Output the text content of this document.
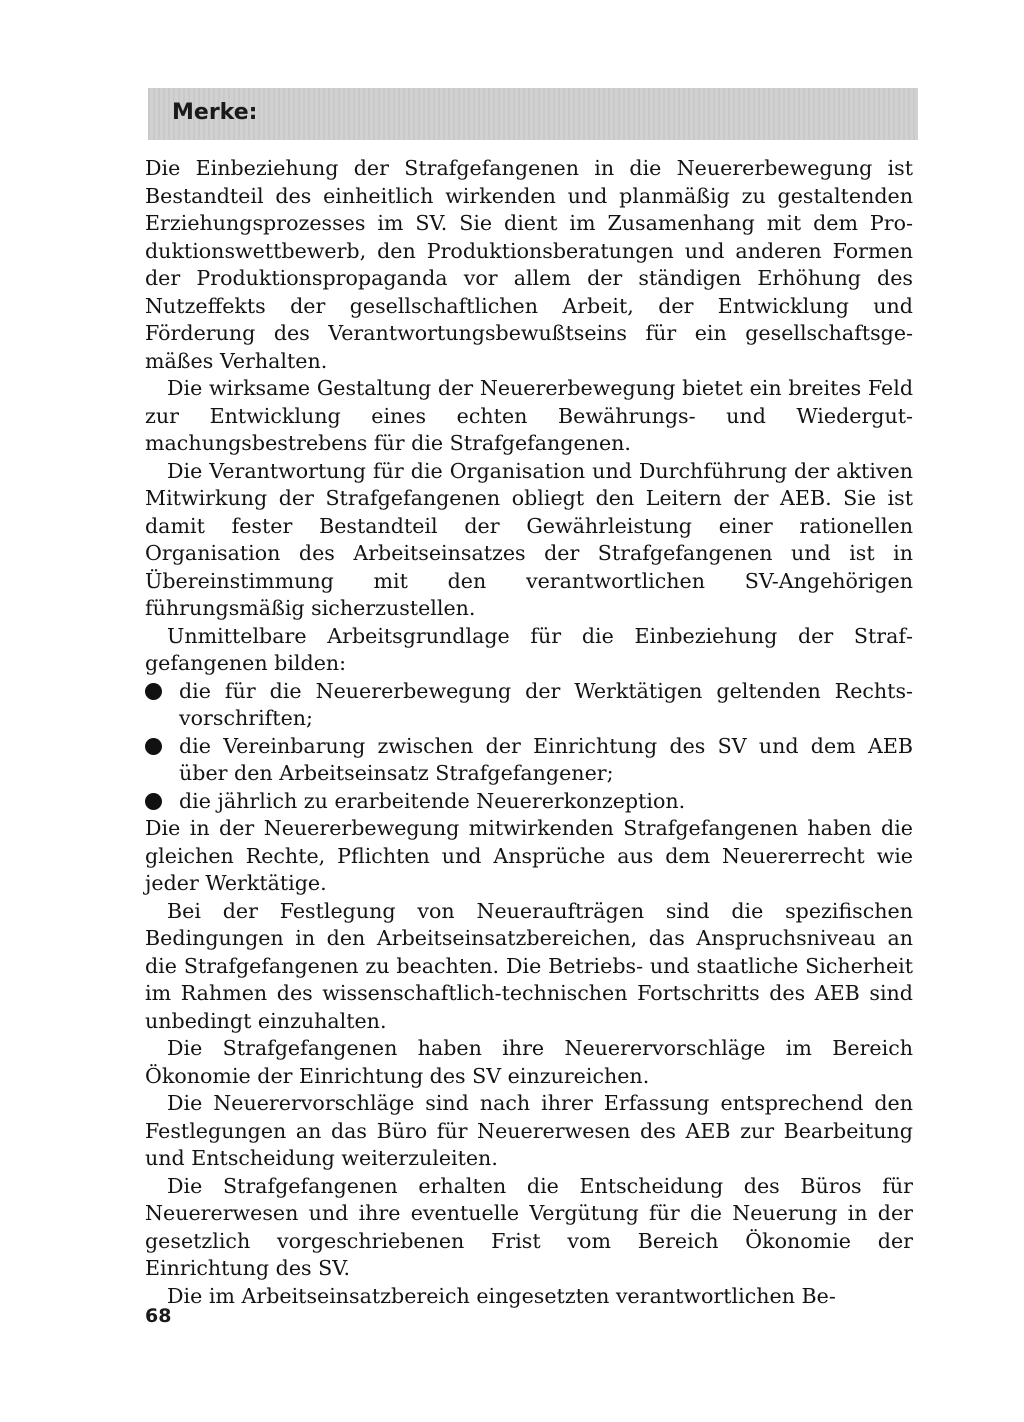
Merke:

Die Einbeziehung der Strafgefangenen in die Neuererbewegung ist Bestandteil des einheitlich wirkenden und planmäßig zu gestaltenden Erziehungsprozesses im SV. Sie dient im Zusamenhang mit dem Produktionswettbewerb, den Produktionsberatungen und anderen Formen der Produktionspropaganda vor allem der ständigen Erhöhung des Nutzeffekts der gesellschaftlichen Arbeit, der Entwicklung und Förderung des Verantwortungsbewußtseins für ein gesellschaftsgemäßes Verhalten.

Die wirksame Gestaltung der Neuererbewegung bietet ein breites Feld zur Entwicklung eines echten Bewährungs- und Wiedergutmachungsbestrebens für die Strafgefangenen.

Die Verantwortung für die Organisation und Durchführung der aktiven Mitwirkung der Strafgefangenen obliegt den Leitern der AEB. Sie ist damit fester Bestandteil der Gewährleistung einer rationellen Organisation des Arbeitseinsatzes der Strafgefangenen und ist in Übereinstimmung mit den verantwortlichen SV-Angehörigen führungsmäßig sicherzustellen.

Unmittelbare Arbeitsgrundlage für die Einbeziehung der Strafgefangenen bilden:

die für die Neuererbewegung der Werktätigen geltenden Rechtsvorschriften;
die Vereinbarung zwischen der Einrichtung des SV und dem AEB über den Arbeitseinsatz Strafgefangener;
die jährlich zu erarbeitende Neuererkonzeption.

Die in der Neuererbewegung mitwirkenden Strafgefangenen haben die gleichen Rechte, Pflichten und Ansprüche aus dem Neuererrecht wie jeder Werktätige.

Bei der Festlegung von Neueraufträgen sind die spezifischen Bedingungen in den Arbeitseinsatzbereichen, das Anspruchsniveau an die Strafgefangenen zu beachten. Die Betriebs- und staatliche Sicherheit im Rahmen des wissenschaftlich-technischen Fortschritts des AEB sind unbedingt einzuhalten.

Die Strafgefangenen haben ihre Neuerervorschläge im Bereich Ökonomie der Einrichtung des SV einzureichen.

Die Neuerervorschläge sind nach ihrer Erfassung entsprechend den Festlegungen an das Büro für Neuererwesen des AEB zur Bearbeitung und Entscheidung weiterzuleiten.

Die Strafgefangenen erhalten die Entscheidung des Büros für Neuererwesen und ihre eventuelle Vergütung für die Neuerung in der gesetzlich vorgeschriebenen Frist vom Bereich Ökonomie der Einrichtung des SV.

Die im Arbeitseinsatzbereich eingesetzten verantwortlichen Be-

68
